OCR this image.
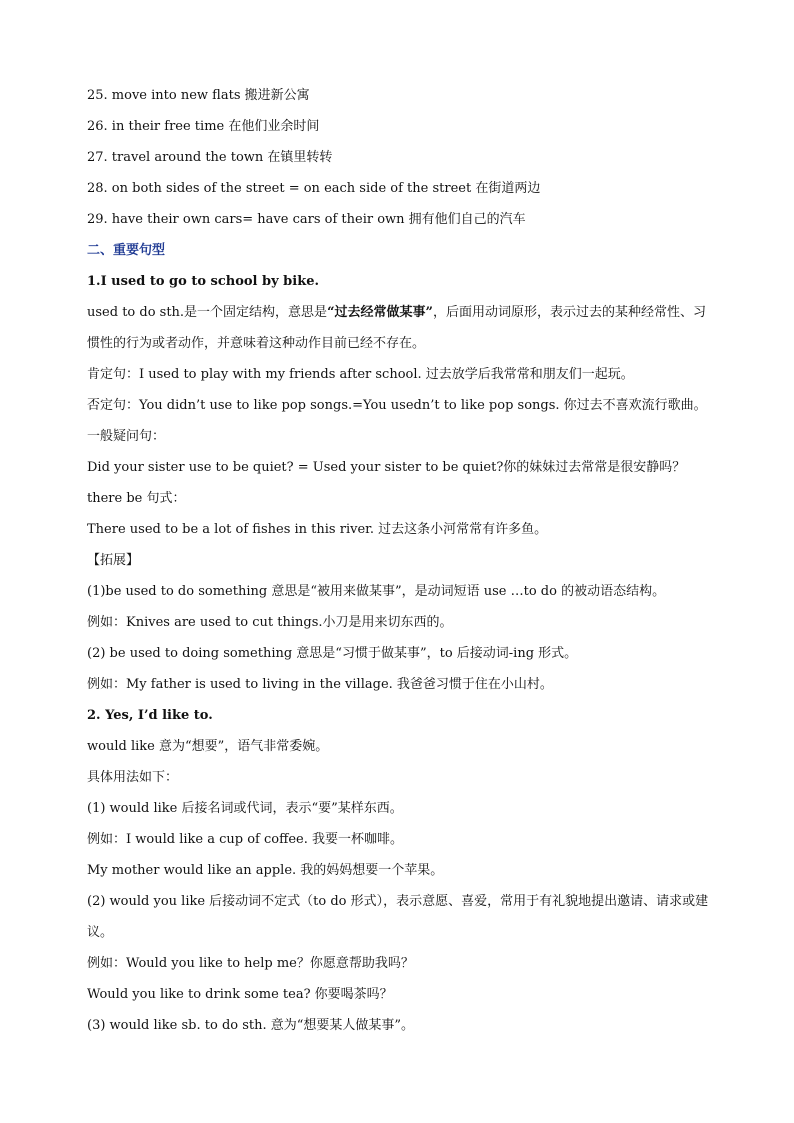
25. move into new flats 搬进新公寓
26. in their free time 在他们业余时间
27. travel around the town 在镇里转转
28. on both sides of the street = on each side of the street 在街道两边
29. have their own cars= have cars of their own 拥有他们自己的汽车
二、重要句型
1.I used to go to school by bike.
used to do sth.是一个固定结构，意思是“过去经常做某事”，后面用动词原形，表示过去的某种经常性、习惯性的行为或者动作，并意味着这种动作目前已经不存在。
肯定句：I used to play with my friends after school. 过去放学后我常常和朋友们一起玩。
否定句：You didn’t use to like pop songs.=You usedn’t to like pop songs. 你过去不喜欢流行歌曲。
一般疑问句：
Did your sister use to be quiet? = Used your sister to be quiet?你的妹妹过去常常是很安静吗？
there be 句式：
There used to be a lot of fishes in this river. 过去这条小河常常有许多鱼。
【拓展】
(1)be used to do something 意思是“被用来做某事”，是动词短语 use …to do 的被动语态结构。
例如：Knives are used to cut things.小刀是用来切东西的。
(2) be used to doing something 意思是“习惯于做某事”，to 后接动词-ing 形式。
例如：My father is used to living in the village. 我爸爸习惯于住在小山村。
2. Yes, I’d like to.
would like 意为“想要”，语气非常委婉。
具体用法如下：
(1) would like 后接名词或代词，表示“要”某样东西。
例如：I would like a cup of coffee. 我要一杯咖啡。
My mother would like an apple. 我的妈妈想要一个苹果。
(2) would you like 后接动词不定式（to do 形式），表示意愿、喜爱，常用于有礼貌地提出邀请、请求或建议。
例如：Would you like to help me？你愿意帮助我吗？
Would you like to drink some tea? 你要喝茶吗？
(3) would like sb. to do sth. 意为“想要某人做某事”。
